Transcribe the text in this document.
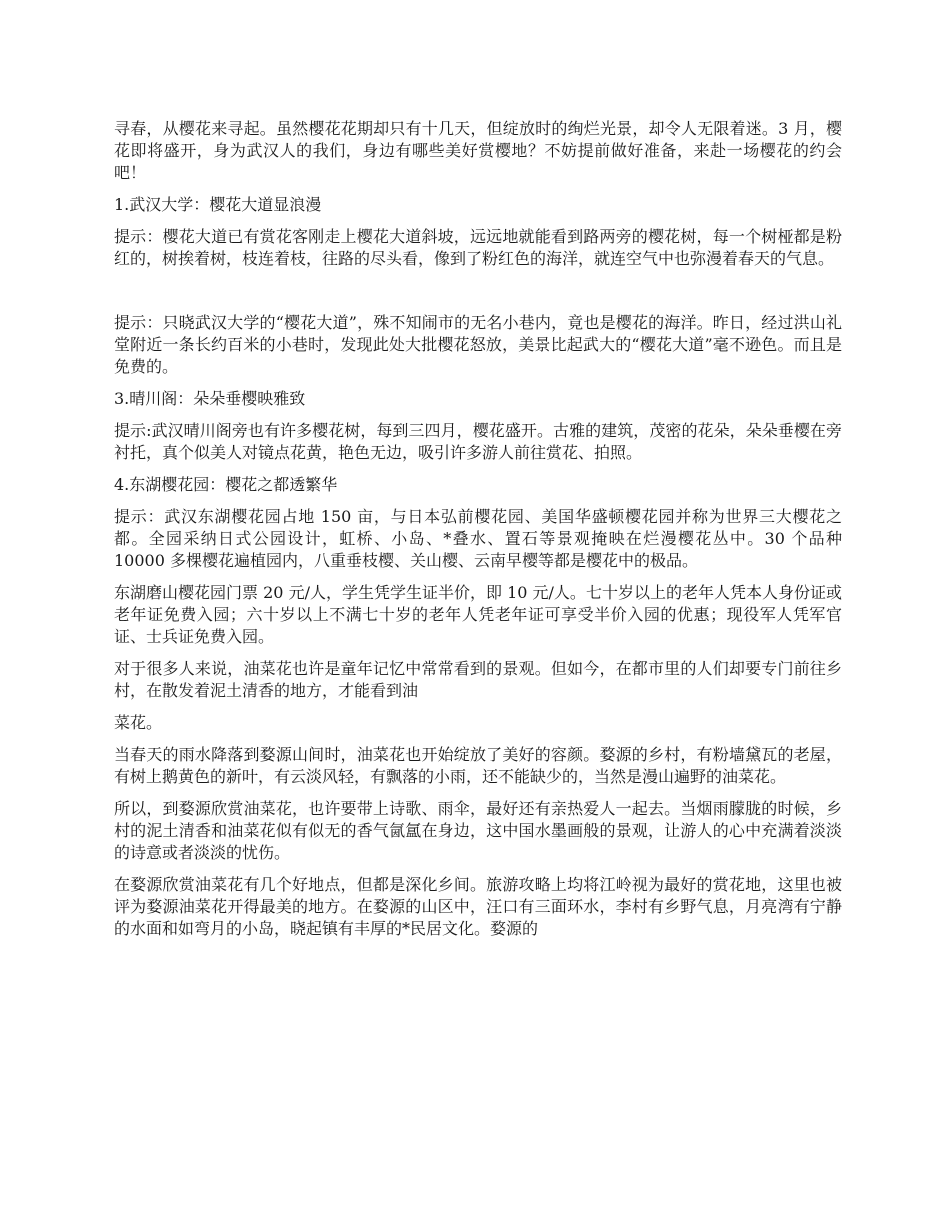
寻春，从樱花来寻起。虽然樱花花期却只有十几天，但绽放时的绚烂光景，却令人无限着迷。3 月，樱花即将盛开，身为武汉人的我们，身边有哪些美好赏樱地？不妨提前做好准备，来赴一场樱花的约会吧！

1.武汉大学：樱花大道显浪漫

提示：樱花大道已有赏花客刚走上樱花大道斜坡，远远地就能看到路两旁的樱花树，每一个树桠都是粉红的，树挨着树，枝连着枝，往路的尽头看，像到了粉红色的海洋，就连空气中也弥漫着春天的气息。

提示：只晓武汉大学的“樱花大道”，殊不知闹市的无名小巷内，竟也是樱花的海洋。昨日，经过洪山礼堂附近一条长约百米的小巷时，发现此处大批樱花怒放，美景比起武大的“樱花大道”毫不逊色。而且是免费的。

3.晴川阁：朵朵垂樱映雅致

提示:武汉晴川阁旁也有许多樱花树，每到三四月，樱花盛开。古雅的建筑，茂密的花朵，朵朵垂樱在旁衬托，真个似美人对镜点花黄，艳色无边，吸引许多游人前往赏花、拍照。

4.东湖樱花园：樱花之都透繁华

提示：武汉东湖樱花园占地 150 亩，与日本弘前樱花园、美国华盛顿樱花园并称为世界三大樱花之都。全园采纳日式公园设计，虹桥、小岛、*叠水、置石等景观掩映在烂漫樱花丛中。30 个品种 10000 多棵樱花遍植园内，八重垂枝樱、关山樱、云南早樱等都是樱花中的极品。

东湖磨山樱花园门票 20 元/人，学生凭学生证半价，即 10 元/人。七十岁以上的老年人凭本人身份证或老年证免费入园；六十岁以上不满七十岁的老年人凭老年证可享受半价入园的优惠；现役军人凭军官证、士兵证免费入园。

对于很多人来说，油菜花也许是童年记忆中常常看到的景观。但如今，在都市里的人们却要专门前往乡村，在散发着泥土清香的地方，才能看到油

菜花。

当春天的雨水降落到婺源山间时，油菜花也开始绽放了美好的容颜。婺源的乡村，有粉墙黛瓦的老屋，有树上鹅黄色的新叶，有云淡风轻，有飘落的小雨，还不能缺少的，当然是漫山遍野的油菜花。

所以，到婺源欣赏油菜花，也许要带上诗歌、雨伞，最好还有亲热爱人一起去。当烟雨朦胧的时候，乡村的泥土清香和油菜花似有似无的香气氤氲在身边，这中国水墨画般的景观，让游人的心中充满着淡淡的诗意或者淡淡的忧伤。

在婺源欣赏油菜花有几个好地点，但都是深化乡间。旅游攻略上均将江岭视为最好的赏花地，这里也被评为婺源油菜花开得最美的地方。在婺源的山区中，汪口有三面环水，李村有乡野气息，月亮湾有宁静的水面和如弯月的小岛，晓起镇有丰厚的*民居文化。婺源的
